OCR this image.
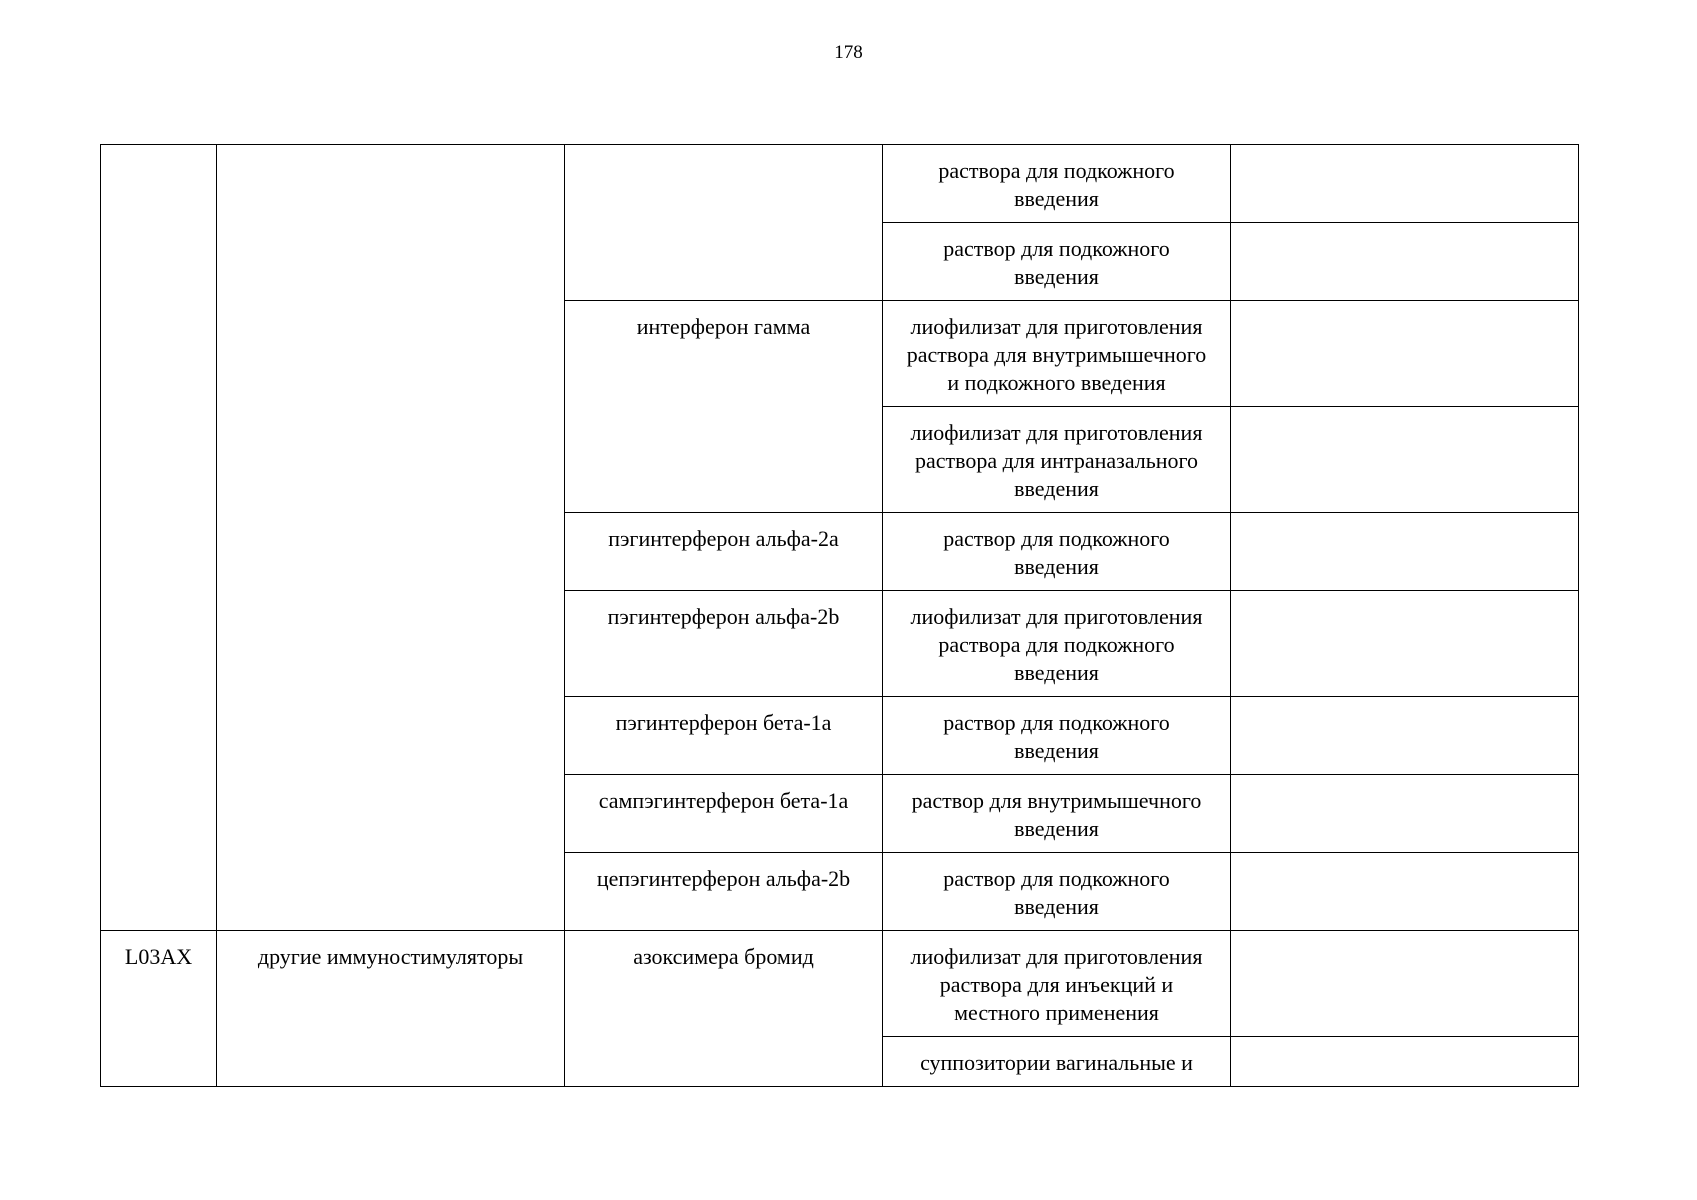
178

			раствора для подкожного
введения	

			раствор для подкожного
введения	

		интерферон гамма	лиофилизат для приготовления
раствора для внутримышечного
и подкожного введения	

			лиофилизат для приготовления
раствора для интраназального
введения	

		пэгинтерферон альфа-2a	раствор для подкожного
введения	

		пэгинтерферон альфа-2b	лиофилизат для приготовления
раствора для подкожного
введения	

		пэгинтерферон бета-1a	раствор для подкожного
введения	

		сампэгинтерферон бета-1a	раствор для внутримышечного
введения	

		цепэгинтерферон альфа-2b	раствор для подкожного
введения	

L03AX	другие иммуностимуляторы	азоксимера бромид	лиофилизат для приготовления
раствора для инъекций и
местного применения	

			суппозитории вагинальные и	
